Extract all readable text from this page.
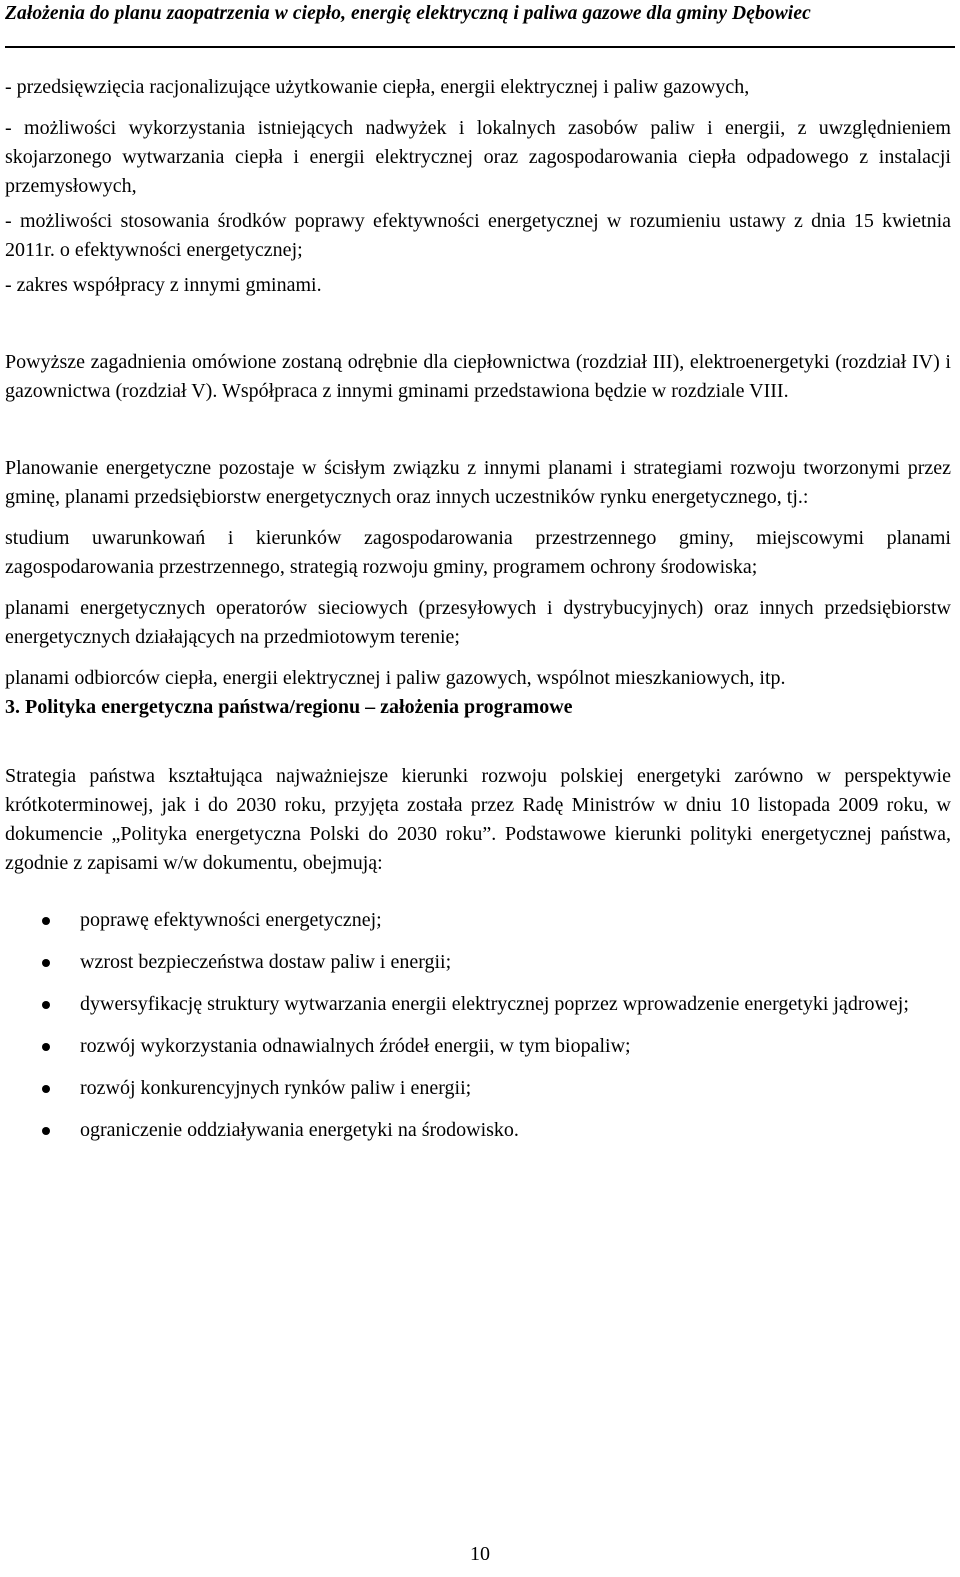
Założenia do planu zaopatrzenia w ciepło, energię elektryczną i paliwa gazowe dla gminy Dębowiec

- przedsięwzięcia racjonalizujące użytkowanie ciepła, energii elektrycznej i paliw gazowych,

- możliwości wykorzystania istniejących nadwyżek i lokalnych zasobów paliw i energii, z uwzględnieniem skojarzonego wytwarzania ciepła i energii elektrycznej oraz zagospodarowania ciepła odpadowego z instalacji przemysłowych,

- możliwości stosowania środków poprawy efektywności energetycznej w rozumieniu ustawy z dnia 15 kwietnia 2011r. o efektywności energetycznej;

- zakres współpracy z innymi gminami.

Powyższe zagadnienia omówione zostaną odrębnie dla ciepłownictwa (rozdział III), elektroenergetyki (rozdział IV) i gazownictwa (rozdział V). Współpraca z innymi gminami przedstawiona będzie w rozdziale VIII.

Planowanie energetyczne pozostaje w ścisłym związku z innymi planami i strategiami rozwoju tworzonymi przez gminę, planami przedsiębiorstw energetycznych oraz innych uczestników rynku energetycznego, tj.:

studium uwarunkowań i kierunków zagospodarowania przestrzennego gminy, miejscowymi planami zagospodarowania przestrzennego, strategią rozwoju gminy, programem ochrony środowiska;

planami energetycznych operatorów sieciowych (przesyłowych i dystrybucyjnych) oraz innych przedsiębiorstw energetycznych działających na przedmiotowym terenie;

planami odbiorców ciepła, energii elektrycznej i paliw gazowych, wspólnot mieszkaniowych, itp.

3. Polityka energetyczna państwa/regionu – założenia programowe

Strategia państwa kształtująca najważniejsze kierunki rozwoju polskiej energetyki zarówno w perspektywie krótkoterminowej, jak i do 2030 roku, przyjęta została przez Radę Ministrów w dniu 10 listopada 2009 roku, w dokumencie „Polityka energetyczna Polski do 2030 roku”. Podstawowe kierunki polityki energetycznej państwa, zgodnie z zapisami w/w dokumentu, obejmują:

poprawę efektywności energetycznej;
wzrost bezpieczeństwa dostaw paliw i energii;
dywersyfikację struktury wytwarzania energii elektrycznej poprzez wprowadzenie energetyki jądrowej;
rozwój wykorzystania odnawialnych źródeł energii, w tym biopaliw;
rozwój konkurencyjnych rynków paliw i energii;
ograniczenie oddziaływania energetyki na środowisko.
10
